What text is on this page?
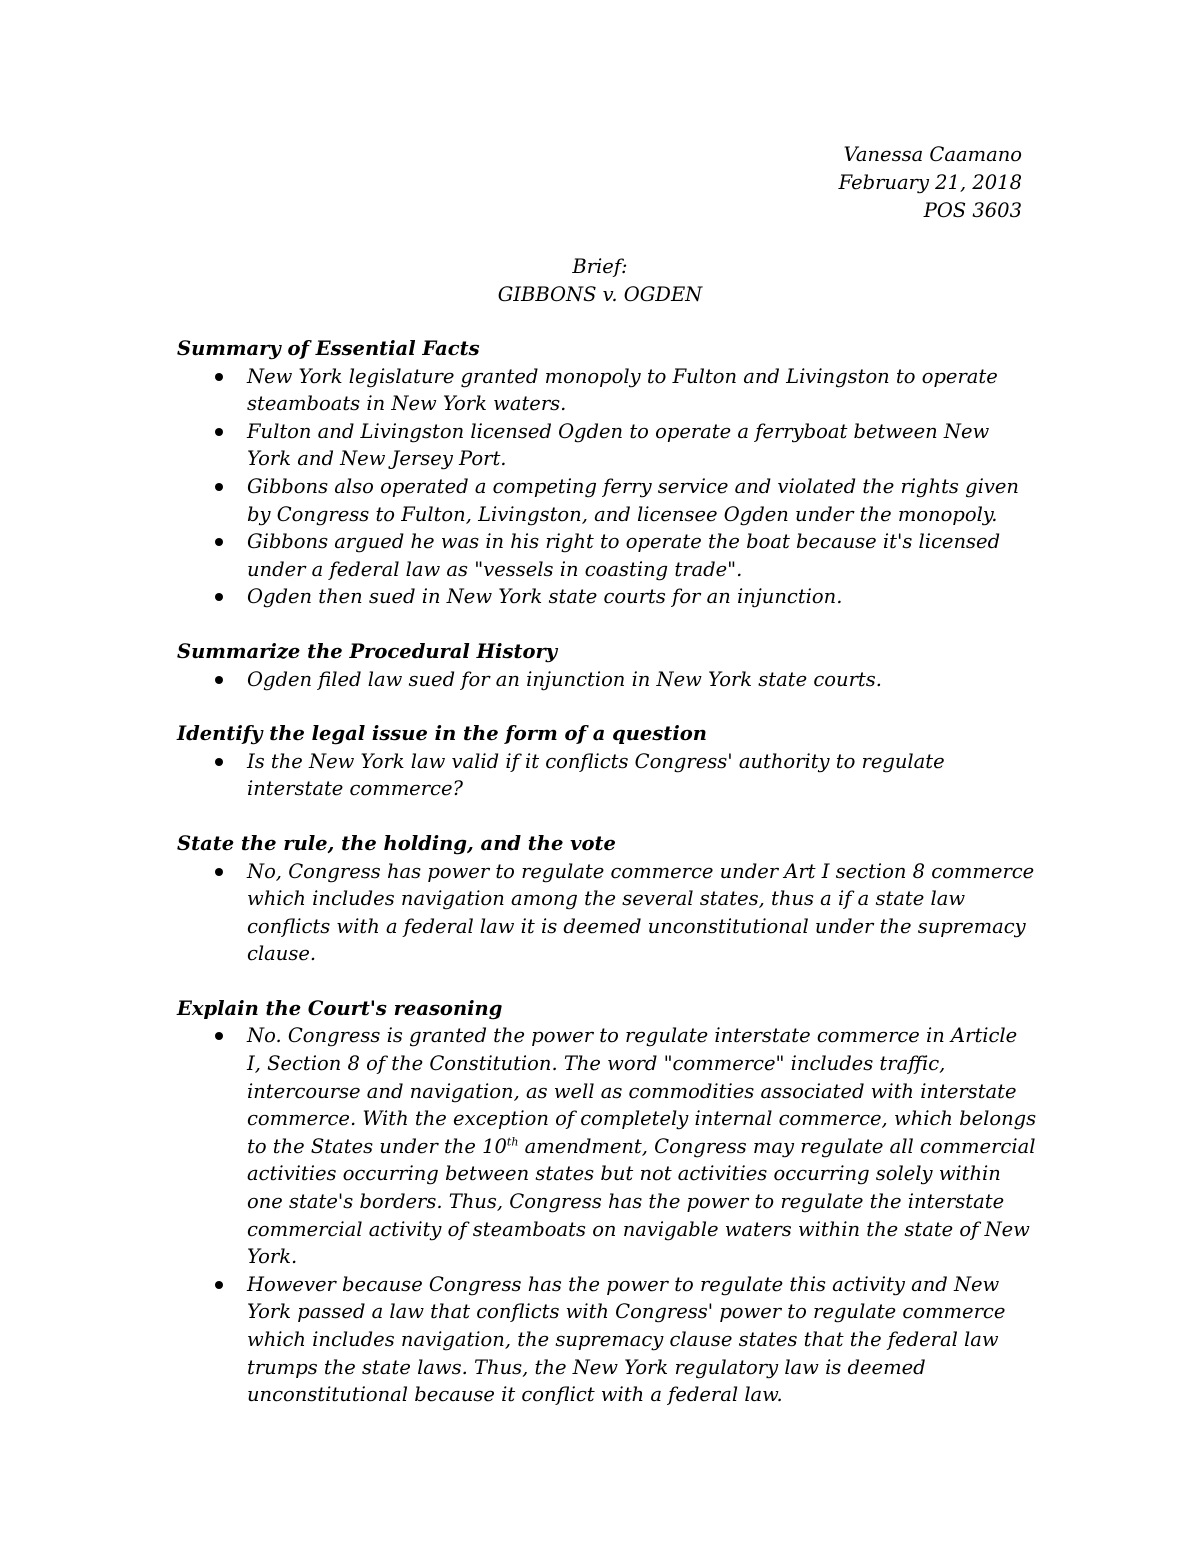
Vanessa Caamano
February 21, 2018
POS 3603
Brief:
GIBBONS v. OGDEN

Summary of Essential Facts

New York legislature granted monopoly to Fulton and Livingston to operate steamboats in New York waters.
Fulton and Livingston licensed Ogden to operate a ferryboat between New York and New Jersey Port.
Gibbons also operated a competing ferry service and violated the rights given by Congress to Fulton, Livingston, and licensee Ogden under the monopoly.
Gibbons argued he was in his right to operate the boat because it's licensed under a federal law as "vessels in coasting trade".
Ogden then sued in New York state courts for an injunction.

Summarize the Procedural History

Ogden filed law sued for an injunction in New York state courts.

Identify the legal issue in the form of a question

Is the New York law valid if it conflicts Congress' authority to regulate interstate commerce?

State the rule, the holding, and the vote

No, Congress has power to regulate commerce under Art I section 8 commerce which includes navigation among the several states, thus a if a state law conflicts with a federal law it is deemed unconstitutional under the supremacy clause.

Explain the Court's reasoning

No. Congress is granted the power to regulate interstate commerce in Article I, Section 8 of the Constitution. The word "commerce" includes traffic, intercourse and navigation, as well as commodities associated with interstate commerce. With the exception of completely internal commerce, which belongs to the States under the 10th amendment, Congress may regulate all commercial activities occurring between states but not activities occurring solely within one state's borders. Thus, Congress has the power to regulate the interstate commercial activity of steamboats on navigable waters within the state of New York.
However because Congress has the power to regulate this activity and New York passed a law that conflicts with Congress' power to regulate commerce which includes navigation, the supremacy clause states that the federal law trumps the state laws. Thus, the New York regulatory law is deemed unconstitutional because it conflict with a federal law.
